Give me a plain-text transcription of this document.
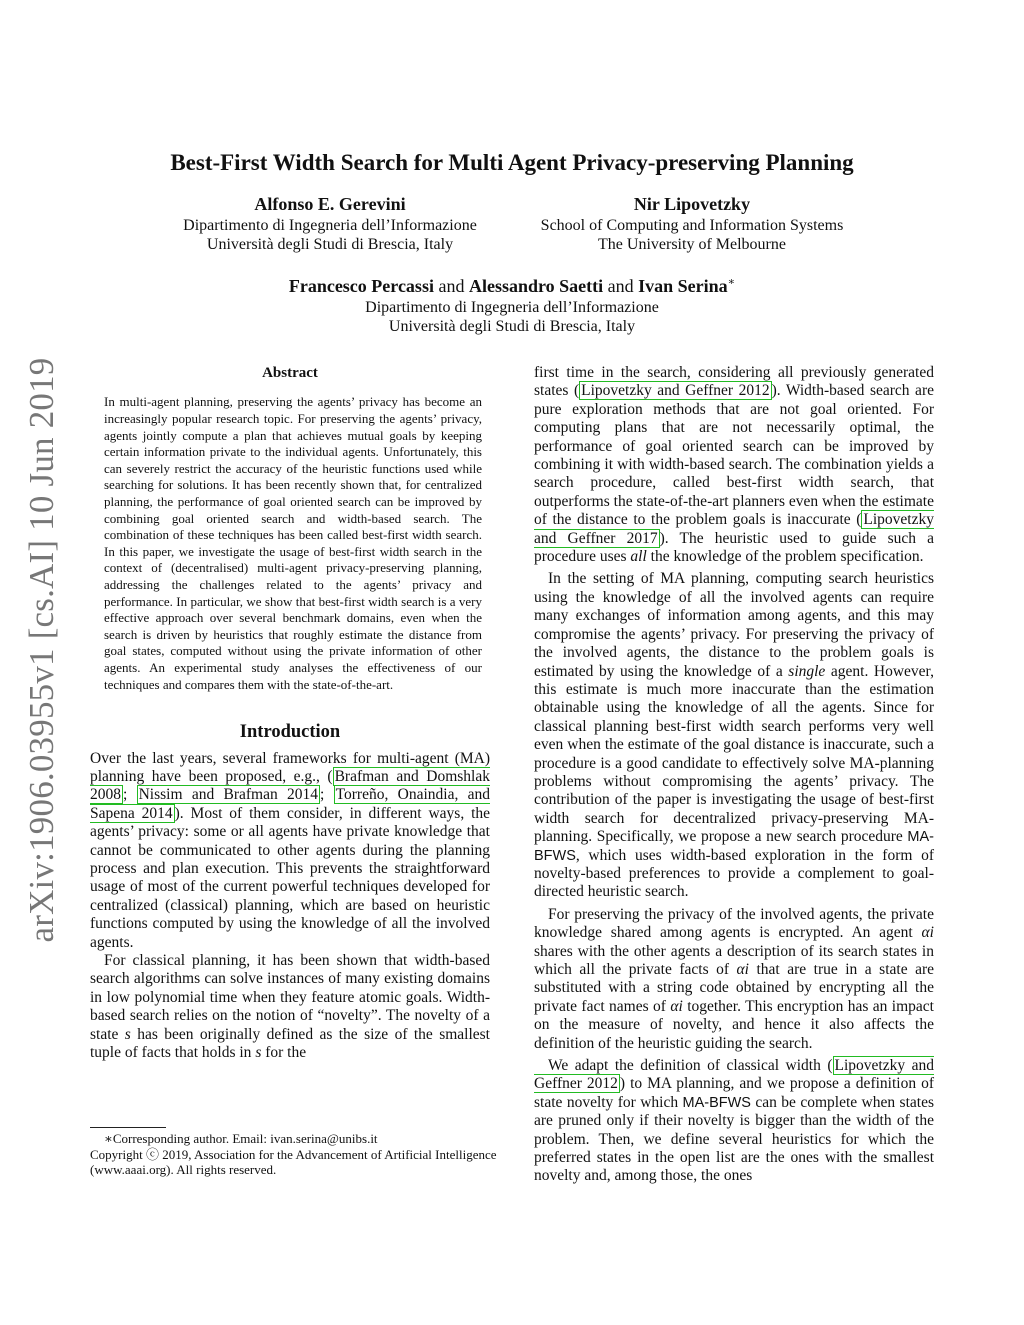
arXiv:1906.03955v1 [cs.AI] 10 Jun 2019
Best-First Width Search for Multi Agent Privacy-preserving Planning
Alfonso E. Gerevini
Dipartimento di Ingegneria dell’Informazione
Università degli Studi di Brescia, Italy
Nir Lipovetzky
School of Computing and Information Systems
The University of Melbourne
Francesco Percassi and Alessandro Saetti and Ivan Serina∗
Dipartimento di Ingegneria dell’Informazione
Università degli Studi di Brescia, Italy
Abstract
In multi-agent planning, preserving the agents’ privacy has become an increasingly popular research topic. For preserving the agents’ privacy, agents jointly compute a plan that achieves mutual goals by keeping certain information private to the individual agents. Unfortunately, this can severely restrict the accuracy of the heuristic functions used while searching for solutions. It has been recently shown that, for centralized planning, the performance of goal oriented search can be improved by combining goal oriented search and width-based search. The combination of these techniques has been called best-first width search. In this paper, we investigate the usage of best-first width search in the context of (decentralised) multi-agent privacy-preserving planning, addressing the challenges related to the agents’ privacy and performance. In particular, we show that best-first width search is a very effective approach over several benchmark domains, even when the search is driven by heuristics that roughly estimate the distance from goal states, computed without using the private information of other agents. An experimental study analyses the effectiveness of our techniques and compares them with the state-of-the-art.
Introduction

Over the last years, several frameworks for multi-agent (MA) planning have been proposed, e.g., ( Brafman and Domshlak 2008 ; Nissim and Brafman 2014 ; Torreño, Onaindia, and Sapena 2014 ). Most of them consider, in different ways, the agents’ privacy: some or all agents have private knowledge that cannot be communicated to other agents during the planning process and plan execution. This prevents the straightforward usage of most of the current powerful techniques developed for centralized (classical) planning, which are based on heuristic functions computed by using the knowledge of all the involved agents.

For classical planning, it has been shown that width-based search algorithms can solve instances of many existing domains in low polynomial time when they feature atomic goals. Width-based search relies on the notion of “novelty”. The novelty of a state s has been originally defined as the size of the smallest tuple of facts that holds in s for the

first time in the search, considering all previously generated states ( Lipovetzky and Geffner 2012 ). Width-based search are pure exploration methods that are not goal oriented. For computing plans that are not necessarily optimal, the performance of goal oriented search can be improved by combining it with width-based search. The combination yields a search procedure, called best-first width search, that outperforms the state-of-the-art planners even when the estimate of the distance to the problem goals is inaccurate ( Lipovetzky and Geffner 2017 ). The heuristic used to guide such a procedure uses all the knowledge of the problem specification.

In the setting of MA planning, computing search heuristics using the knowledge of all the involved agents can require many exchanges of information among agents, and this may compromise the agents’ privacy. For preserving the privacy of the involved agents, the distance to the problem goals is estimated by using the knowledge of a single agent. However, this estimate is much more inaccurate than the estimation obtainable using the knowledge of all the agents. Since for classical planning best-first width search performs very well even when the estimate of the goal distance is inaccurate, such a procedure is a good candidate to effectively solve MA-planning problems without compromising the agents’ privacy. The contribution of the paper is investigating the usage of best-first width search for decentralized privacy-preserving MA-planning. Specifically, we propose a new search procedure MA-BFWS, which uses width-based exploration in the form of novelty-based preferences to provide a complement to goal-directed heuristic search.

For preserving the privacy of the involved agents, the private knowledge shared among agents is encrypted. An agent αi shares with the other agents a description of its search states in which all the private facts of αi that are true in a state are substituted with a string code obtained by encrypting all the private fact names of αi together. This encryption has an impact on the measure of novelty, and hence it also affects the definition of the heuristic guiding the search.

We adapt the definition of classical width ( Lipovetzky and Geffner 2012 ) to MA planning, and we propose a definition of state novelty for which MA-BFWS can be complete when states are pruned only if their novelty is bigger than the width of the problem. Then, we define several heuristics for which the preferred states in the open list are the ones with the smallest novelty and, among those, the ones

∗Corresponding author. Email: ivan.serina@unibs.it
Copyright ⓒ 2019, Association for the Advancement of Artificial Intelligence (www.aaai.org). All rights reserved.
